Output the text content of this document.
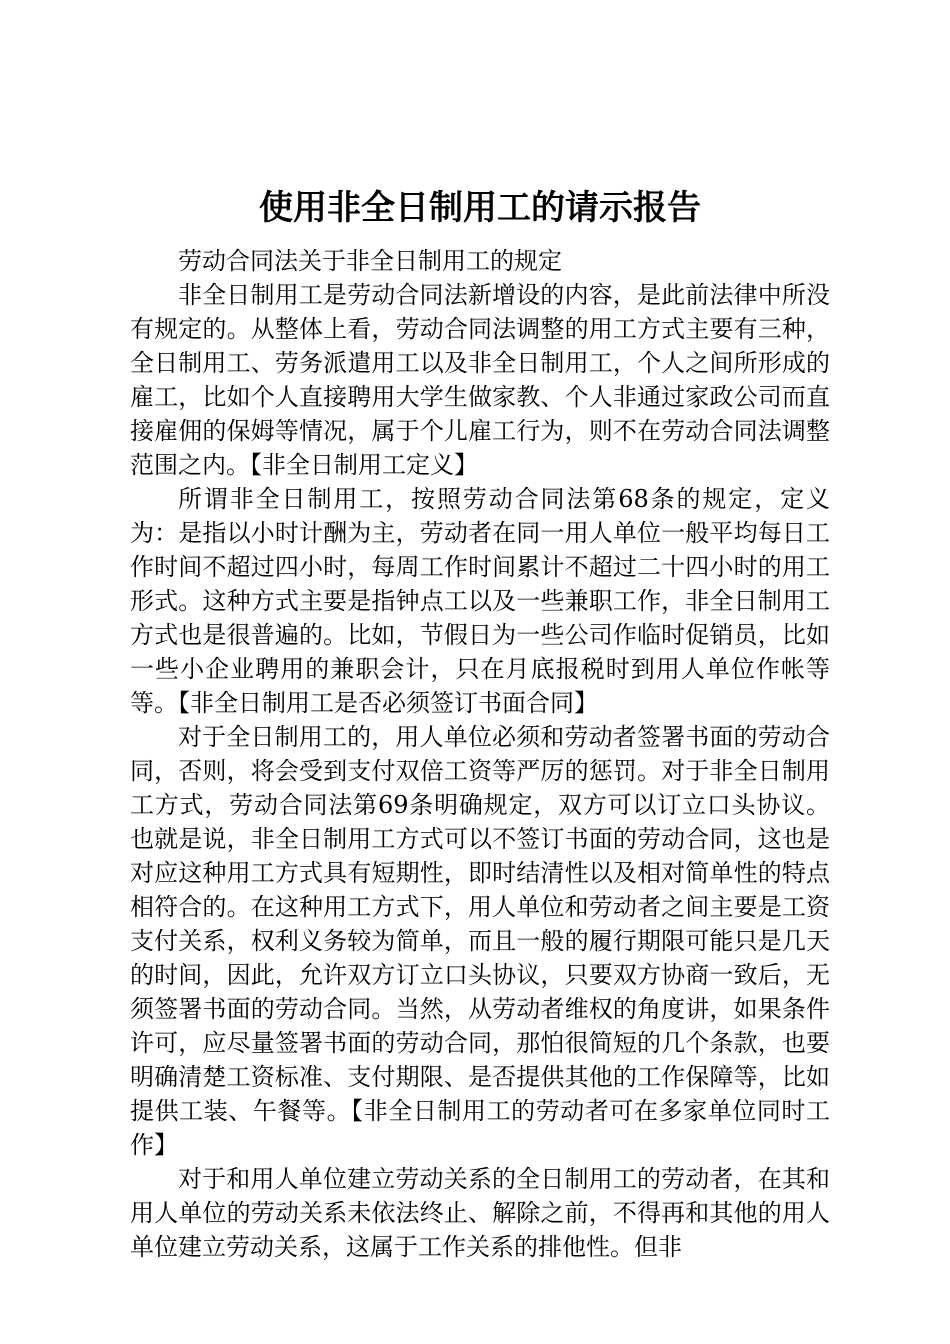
使用非全日制用工的请示报告

劳动合同法关于非全日制用工的规定

非全日制用工是劳动合同法新增设的内容，是此前法律中所没有规定的。从整体上看，劳动合同法调整的用工方式主要有三种，全日制用工、劳务派遣用工以及非全日制用工，个人之间所形成的雇工，比如个人直接聘用大学生做家教、个人非通过家政公司而直接雇佣的保姆等情况，属于个儿雇工行为，则不在劳动合同法调整范围之内。【非全日制用工定义】

所谓非全日制用工，按照劳动合同法第68条的规定，定义为：是指以小时计酬为主，劳动者在同一用人单位一般平均每日工作时间不超过四小时，每周工作时间累计不超过二十四小时的用工形式。这种方式主要是指钟点工以及一些兼职工作，非全日制用工方式也是很普遍的。比如，节假日为一些公司作临时促销员，比如一些小企业聘用的兼职会计，只在月底报税时到用人单位作帐等等。【非全日制用工是否必须签订书面合同】

对于全日制用工的，用人单位必须和劳动者签署书面的劳动合同，否则，将会受到支付双倍工资等严厉的惩罚。对于非全日制用工方式，劳动合同法第69条明确规定，双方可以订立口头协议。也就是说，非全日制用工方式可以不签订书面的劳动合同，这也是对应这种用工方式具有短期性，即时结清性以及相对简单性的特点相符合的。在这种用工方式下，用人单位和劳动者之间主要是工资支付关系，权利义务较为简单，而且一般的履行期限可能只是几天的时间，因此，允许双方订立口头协议，只要双方协商一致后，无须签署书面的劳动合同。当然，从劳动者维权的角度讲，如果条件许可，应尽量签署书面的劳动合同，那怕很简短的几个条款，也要明确清楚工资标准、支付期限、是否提供其他的工作保障等，比如提供工装、午餐等。【非全日制用工的劳动者可在多家单位同时工作】

对于和用人单位建立劳动关系的全日制用工的劳动者，在其和用人单位的劳动关系未依法终止、解除之前，不得再和其他的用人单位建立劳动关系，这属于工作关系的排他性。但非
